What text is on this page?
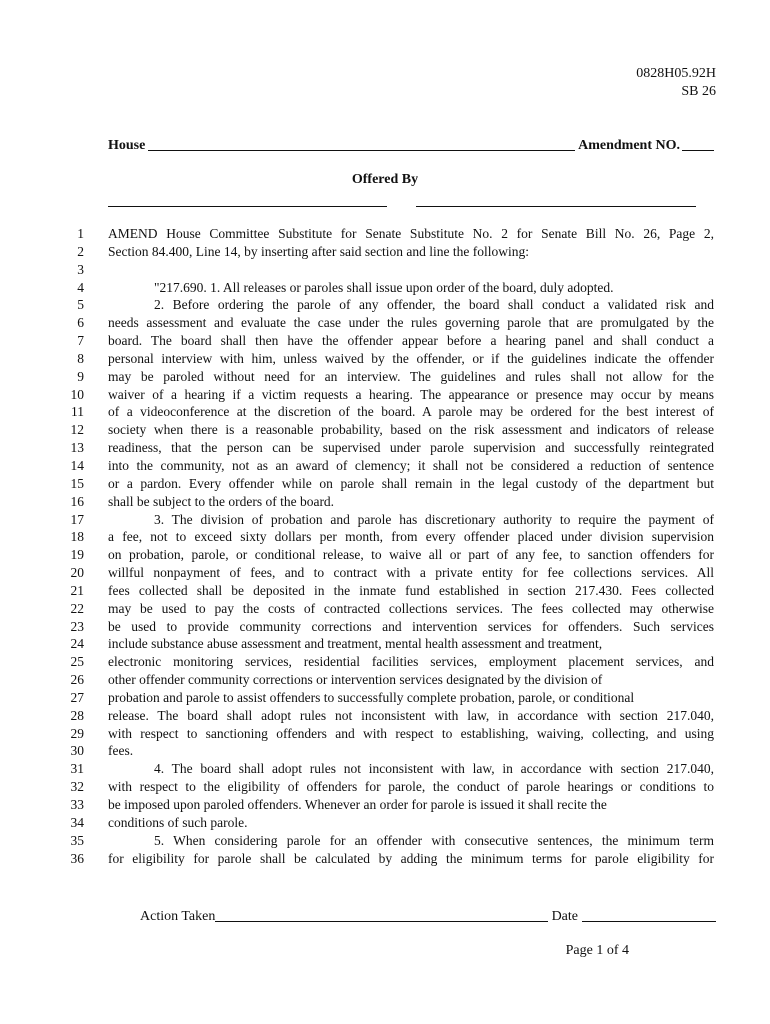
0828H05.92H
SB 26
House	Amendment NO.
Offered By
1 AMEND House Committee Substitute for Senate Substitute No. 2 for Senate Bill No. 26, Page 2,
2 Section 84.400, Line 14, by inserting after said section and line the following:
3
4	"217.690. 1. All releases or paroles shall issue upon order of the board, duly adopted.
5	2. Before ordering the parole of any offender, the board shall conduct a validated risk and
6 needs assessment and evaluate the case under the rules governing parole that are promulgated by the
7 board. The board shall then have the offender appear before a hearing panel and shall conduct a
8 personal interview with him, unless waived by the offender, or if the guidelines indicate the offender
9 may be paroled without need for an interview. The guidelines and rules shall not allow for the
10 waiver of a hearing if a victim requests a hearing. The appearance or presence may occur by means
11 of a videoconference at the discretion of the board. A parole may be ordered for the best interest of
12 society when there is a reasonable probability, based on the risk assessment and indicators of release
13 readiness, that the person can be supervised under parole supervision and successfully reintegrated
14 into the community, not as an award of clemency; it shall not be considered a reduction of sentence
15 or a pardon. Every offender while on parole shall remain in the legal custody of the department but
16 shall be subject to the orders of the board.
17	3. The division of probation and parole has discretionary authority to require the payment of
18 a fee, not to exceed sixty dollars per month, from every offender placed under division supervision
19 on probation, parole, or conditional release, to waive all or part of any fee, to sanction offenders for
20 willful nonpayment of fees, and to contract with a private entity for fee collections services. All
21 fees collected shall be deposited in the inmate fund established in section 217.430. Fees collected
22 may be used to pay the costs of contracted collections services. The fees collected may otherwise
23 be used to provide community corrections and intervention services for offenders. Such services
24 include substance abuse assessment and treatment, mental health assessment and treatment,
25 electronic monitoring services, residential facilities services, employment placement services, and
26 other offender community corrections or intervention services designated by the division of
27 probation and parole to assist offenders to successfully complete probation, parole, or conditional
28 release. The board shall adopt rules not inconsistent with law, in accordance with section 217.040,
29 with respect to sanctioning offenders and with respect to establishing, waiving, collecting, and using
30 fees.
31	4. The board shall adopt rules not inconsistent with law, in accordance with section 217.040,
32 with respect to the eligibility of offenders for parole, the conduct of parole hearings or conditions to
33 be imposed upon paroled offenders. Whenever an order for parole is issued it shall recite the
34 conditions of such parole.
35	5. When considering parole for an offender with consecutive sentences, the minimum term
36 for eligibility for parole shall be calculated by adding the minimum terms for parole eligibility for
Action Taken	Date
Page 1 of 4
